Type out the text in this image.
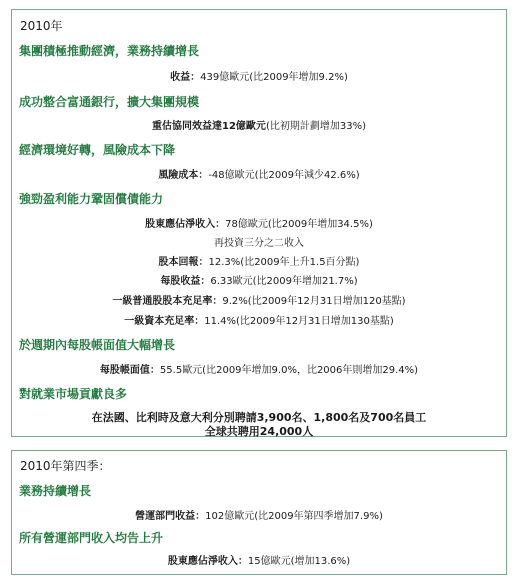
2010年
集團積極推動經濟，業務持續增長
收益：439億歐元(比2009年增加9.2%)
成功整合富通銀行，擴大集團規模
重估協同效益達12億歐元(比初期計劃增加33%)
經濟環境好轉，風險成本下降
風險成本：-48億歐元(比2009年減少42.6%)
強勁盈利能力鞏固償債能力
股東應佔淨收入：78億歐元(比2009年增加34.5%)
再投資三分之二收入
股本回報：12.3%(比2009年上升1.5百分點)
每股收益：6.33歐元(比2009年增加21.7%)
一級普通股股本充足率：9.2%(比2009年12月31日增加120基點)
一級資本充足率：11.4%(比2009年12月31日增加130基點)
於週期內每股帳面值大幅增長
每股帳面值：55.5歐元(比2009年增加9.0%，比2006年則增加29.4%)
對就業市場貢獻良多
在法國、比利時及意大利分別聘請3,900名、1,800名及700名員工
全球共聘用24,000人
2010年第四季：
業務持續增長
營運部門收益：102億歐元(比2009年第四季增加7.9%)
所有營運部門收入均告上升
股東應佔淨收入：15億歐元(增加13.6%)
